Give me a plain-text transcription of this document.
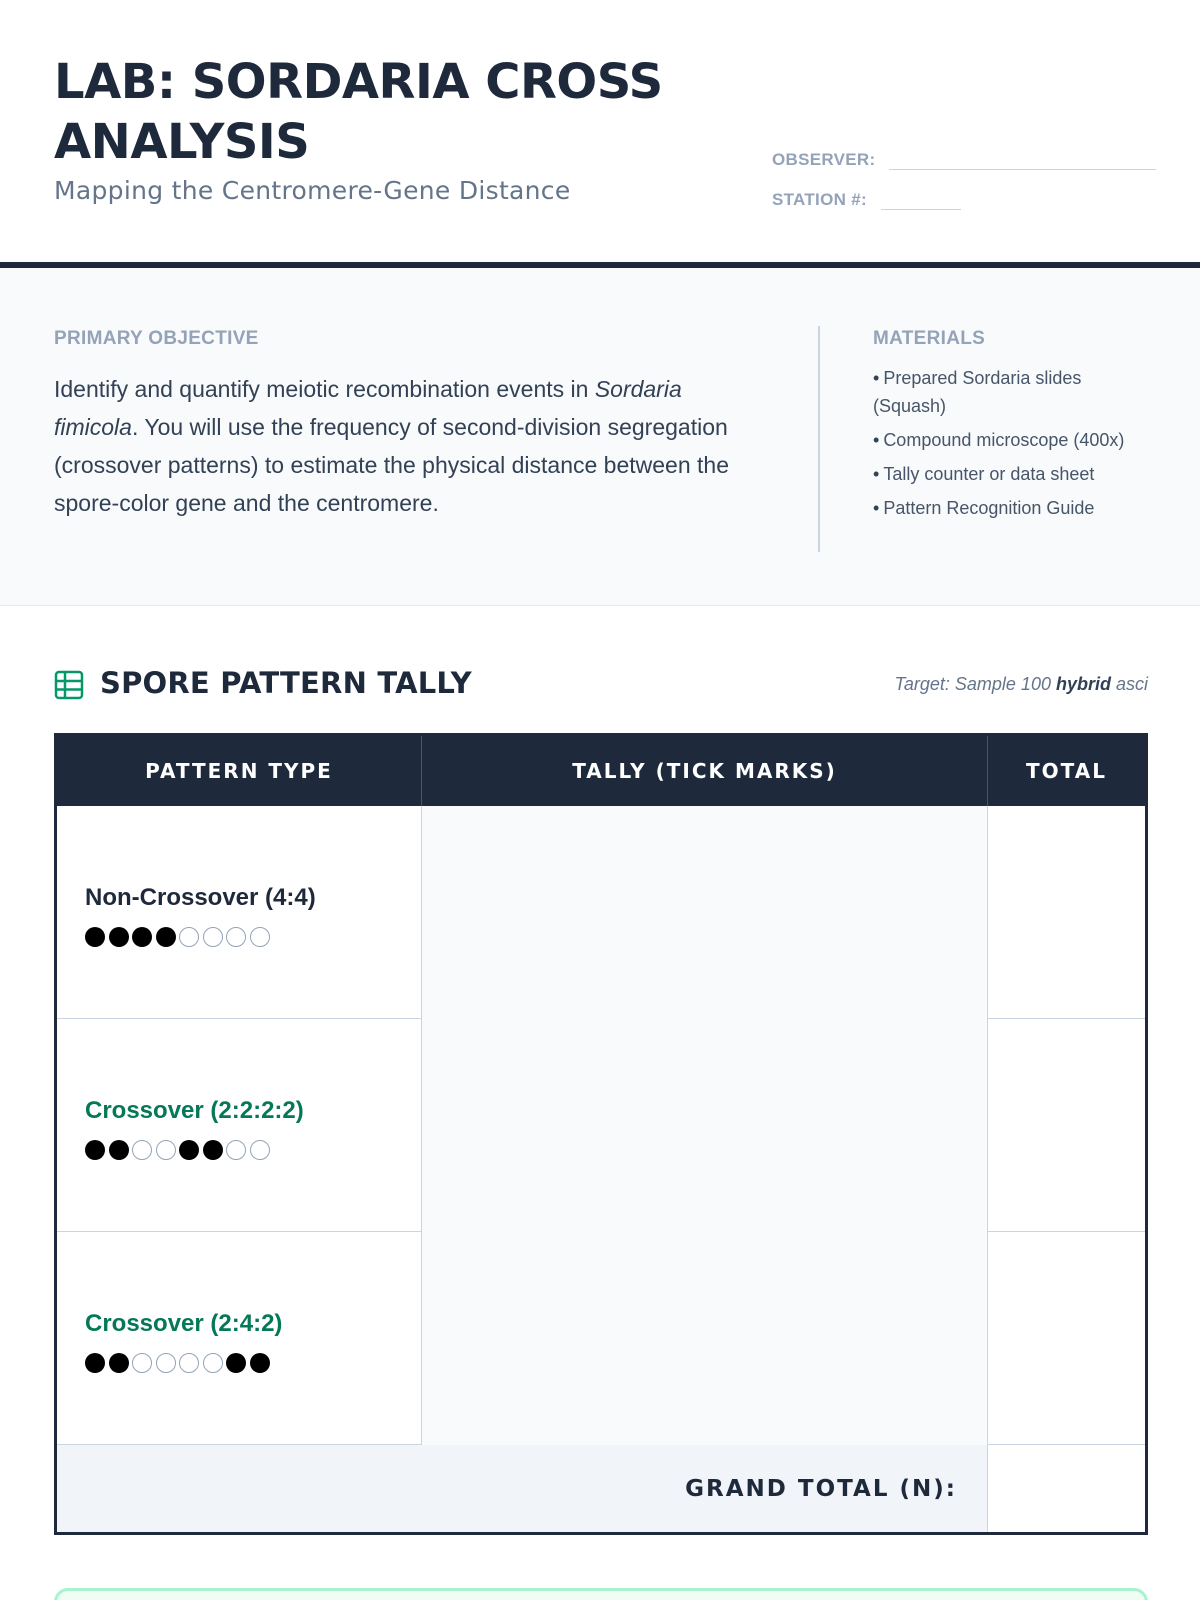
LAB: SORDARIA CROSS ANALYSIS
Mapping the Centromere-Gene Distance
OBSERVER:
STATION #:
PRIMARY OBJECTIVE

Identify and quantify meiotic recombination events in Sordaria fimicola. You will use the frequency of second-division segregation (crossover patterns) to estimate the physical distance between the spore-color gene and the centromere.

MATERIALS
• Prepared Sordaria slides (Squash)
• Compound microscope (400x)
• Tally counter or data sheet
• Pattern Recognition Guide
SPORE PATTERN TALLY	Target: Sample 100 hybrid asci
PATTERN TYPE	TALLY (TICK MARKS)	TOTAL
Non-Crossover (4:4)
Crossover (2:2:2:2)
Crossover (2:4:2)
GRAND TOTAL (N):
